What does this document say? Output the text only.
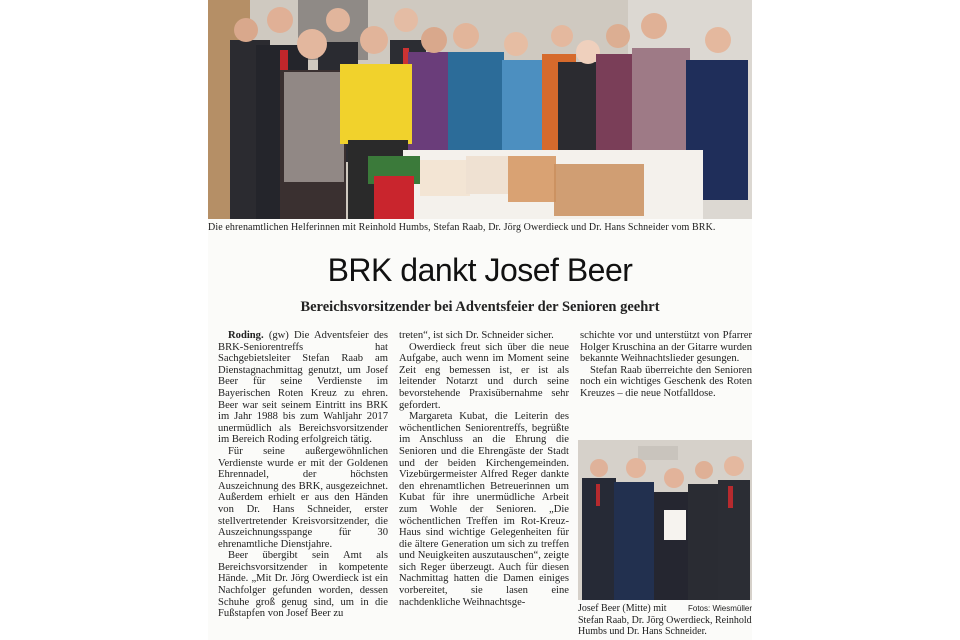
Die ehrenamtlichen Helferinnen mit Reinhold Humbs, Stefan Raab, Dr. Jörg Owerdieck und Dr. Hans Schneider vom BRK.
BRK dankt Josef Beer
Bereichsvorsitzender bei Adventsfeier der Senioren geehrt

Roding. (gw) Die Adventsfeier des BRK-Seniorentreffs hat Sachgebietsleiter Stefan Raab am Dienstagnachmittag genutzt, um Josef Beer für seine Verdienste im Bayerischen Roten Kreuz zu ehren. Beer war seit seinem Eintritt ins BRK im Jahr 1988 bis zum Wahljahr 2017 unermüdlich als Bereichsvorsitzender im Bereich Roding erfolgreich tätig.

Für seine außergewöhnlichen Verdienste wurde er mit der Goldenen Ehrennadel, der höchsten Auszeichnung des BRK, ausgezeichnet. Außerdem erhielt er aus den Händen von Dr. Hans Schneider, erster stellvertretender Kreisvorsitzender, die Auszeichnungsspange für 30 ehrenamtliche Dienstjahre.

Beer übergibt sein Amt als Bereichsvorsitzender in kompetente Hände. „Mit Dr. Jörg Owerdieck ist ein Nachfolger gefunden worden, dessen Schuhe groß genug sind, um in die Fußstapfen von Josef Beer zu

treten“, ist sich Dr. Schneider sicher.

Owerdieck freut sich über die neue Aufgabe, auch wenn im Moment seine Zeit eng bemessen ist, er ist als leitender Notarzt und durch seine bevorstehende Praxisübernahme sehr gefordert.

Margareta Kubat, die Leiterin des wöchentlichen Seniorentreffs, begrüßte im Anschluss an die Ehrung die Senioren und die Ehrengäste der Stadt und der beiden Kirchengemeinden. Vizebürgermeister Alfred Reger dankte den ehrenamtlichen Betreuerinnen um Kubat für ihre unermüdliche Arbeit zum Wohle der Senioren. „Die wöchentlichen Treffen im Rot-Kreuz-Haus sind wichtige Gelegenheiten für die ältere Generation um sich zu treffen und Neuigkeiten auszutauschen“, zeigte sich Reger überzeugt. Auch für diesen Nachmittag hatten die Damen einiges vorbereitet, sie lasen eine nachdenkliche Weihnachtsge-

schichte vor und unterstützt von Pfarrer Holger Kruschina an der Gitarre wurden bekannte Weihnachtslieder gesungen.

Stefan Raab überreichte den Senioren noch ein wichtiges Geschenk des Roten Kreuzes – die neue Notfalldose.

Fotos: Wiesmüller
Josef Beer (Mitte) mit Stefan Raab, Dr. Jörg Owerdieck, Reinhold Humbs und Dr. Hans Schneider.
